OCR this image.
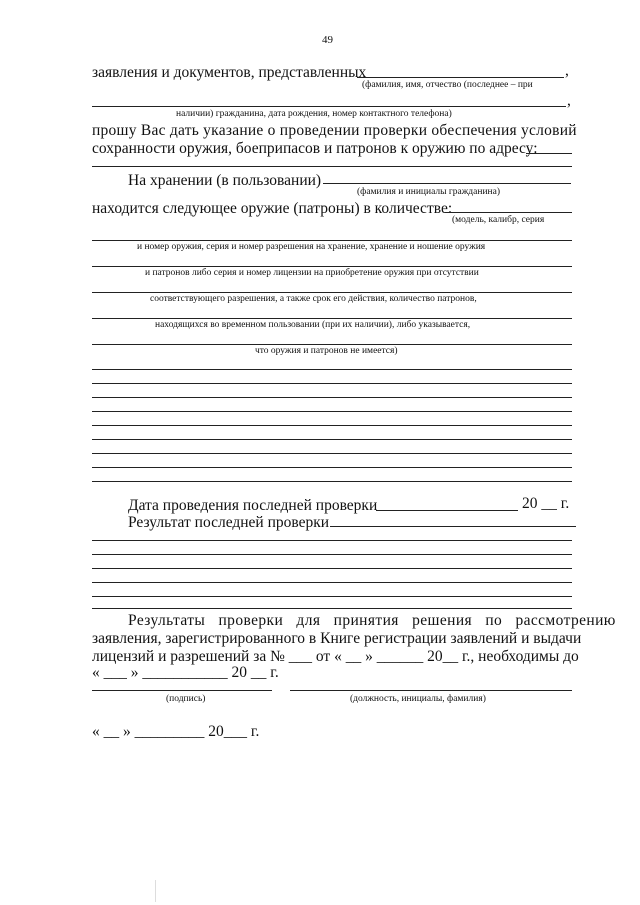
49
заявления и документов, представленных	,
(фамилия, имя, отчество (последнее – при
,
наличии) гражданина, дата рождения, номер контактного телефона)
прошу Вас дать указание о проведении проверки обеспечения условий
сохранности оружия, боеприпасов и патронов к оружию по адресу:
На хранении (в пользовании)
(фамилия и инициалы гражданина)
находится следующее оружие (патроны) в количестве:
(модель, калибр, серия
и номер оружия, серия и номер разрешения на хранение, хранение и ношение оружия
и патронов либо серия и номер лицензии на приобретение оружия при отсутствии
соответствующего разрешения, а также срок его действия, количество патронов,
находящихся во временном пользовании (при их наличии), либо указывается,
что оружия и патронов не имеется)
Дата проведения последней проверки	20 __ г.
Результат последней проверки
Результаты проверки для принятия решения по рассмотрению
заявления, зарегистрированного в Книге регистрации заявлений и выдачи
лицензий и разрешений за № ___ от « __ » ______ 20__ г., необходимы до
« ___ » ___________ 20 __ г.
(подпись)	(должность, инициалы, фамилия)
« __ » _________ 20___ г.
